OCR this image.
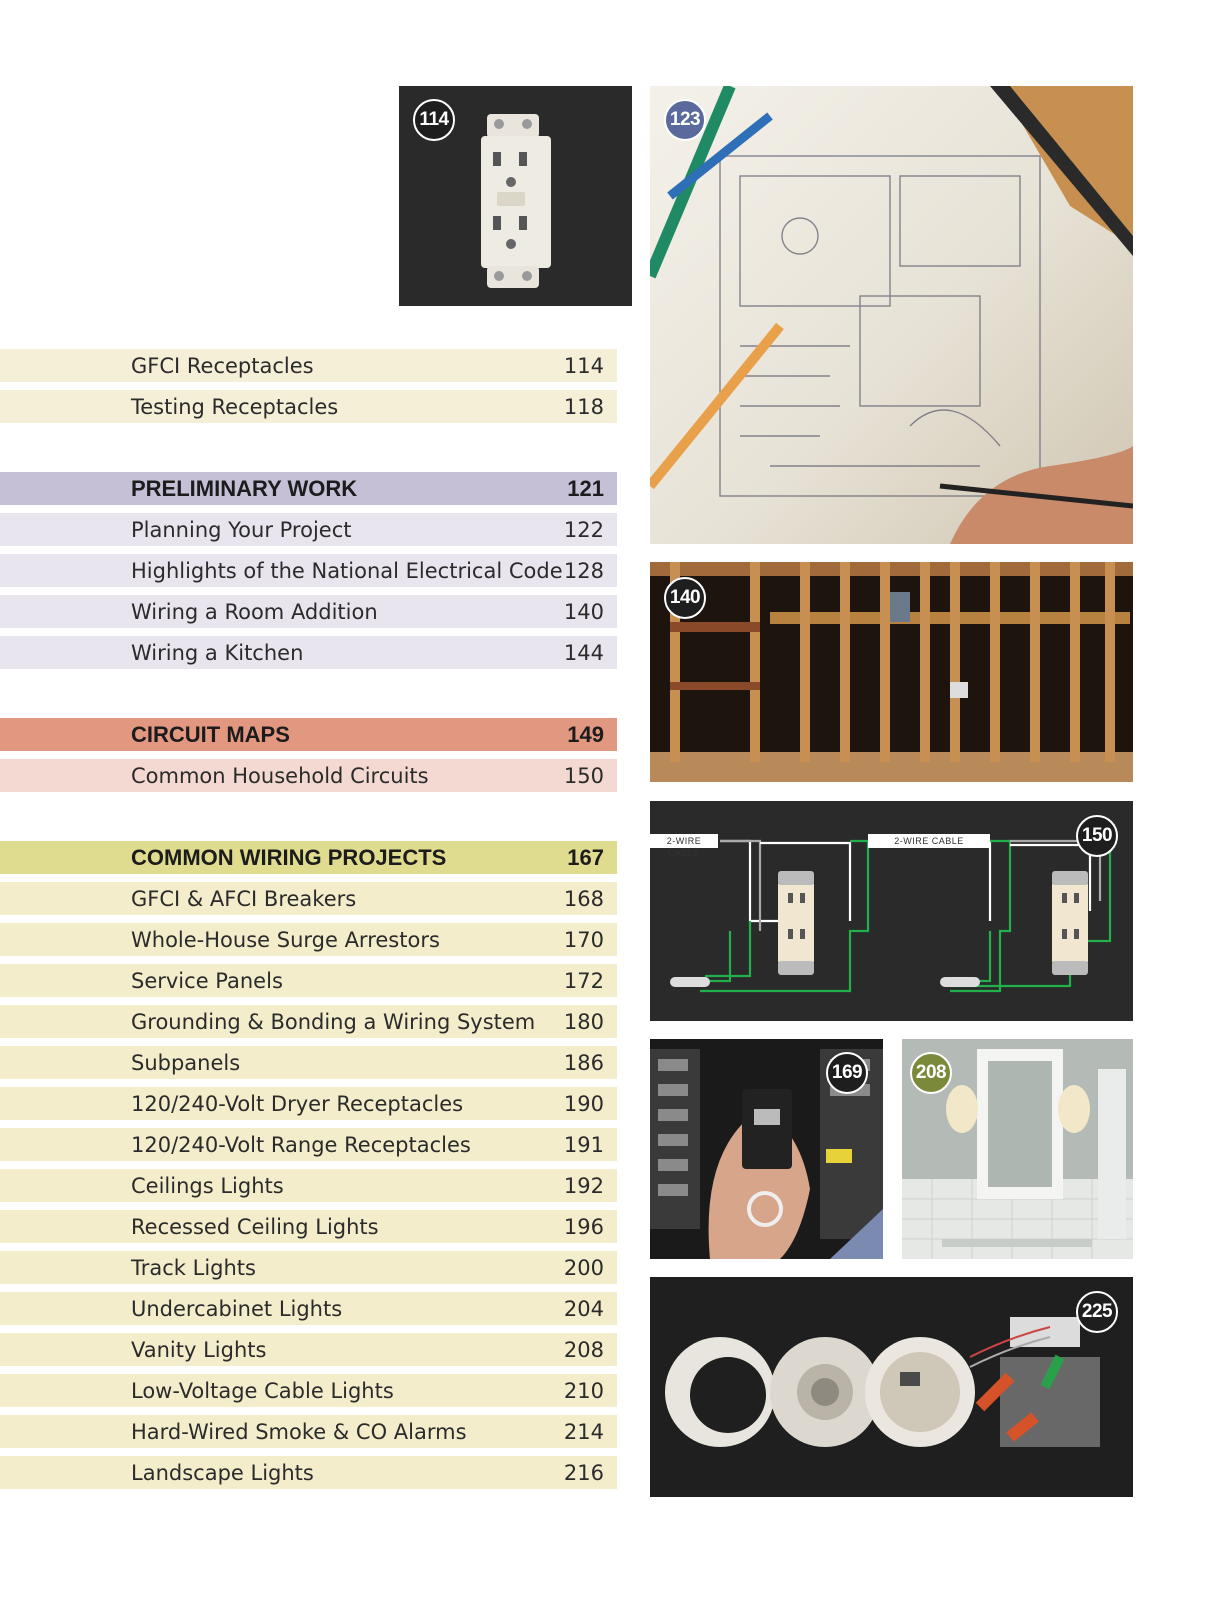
GFCI Receptacles	114
Testing Receptacles	118
PRELIMINARY WORK	121
Planning Your Project	122
Highlights of the National Electrical Code 128
Wiring a Room Addition	140
Wiring a Kitchen	144
CIRCUIT MAPS	149
Common Household Circuits	150
COMMON WIRING PROJECTS	167
GFCI & AFCI Breakers	168
Whole-House Surge Arrestors	170
Service Panels	172
Grounding & Bonding a Wiring System	180
Subpanels	186
120/240-Volt Dryer Receptacles	190
120/240-Volt Range Receptacles	191
Ceilings Lights	192
Recessed Ceiling Lights	196
Track Lights	200
Undercabinet Lights	204
Vanity Lights	208
Low-Voltage Cable Lights	210
Hard-Wired Smoke & CO Alarms	214
Landscape Lights	216
114	123
140
2-WIRE CABLE
2-WIRE CABLE	150
169	208
225
